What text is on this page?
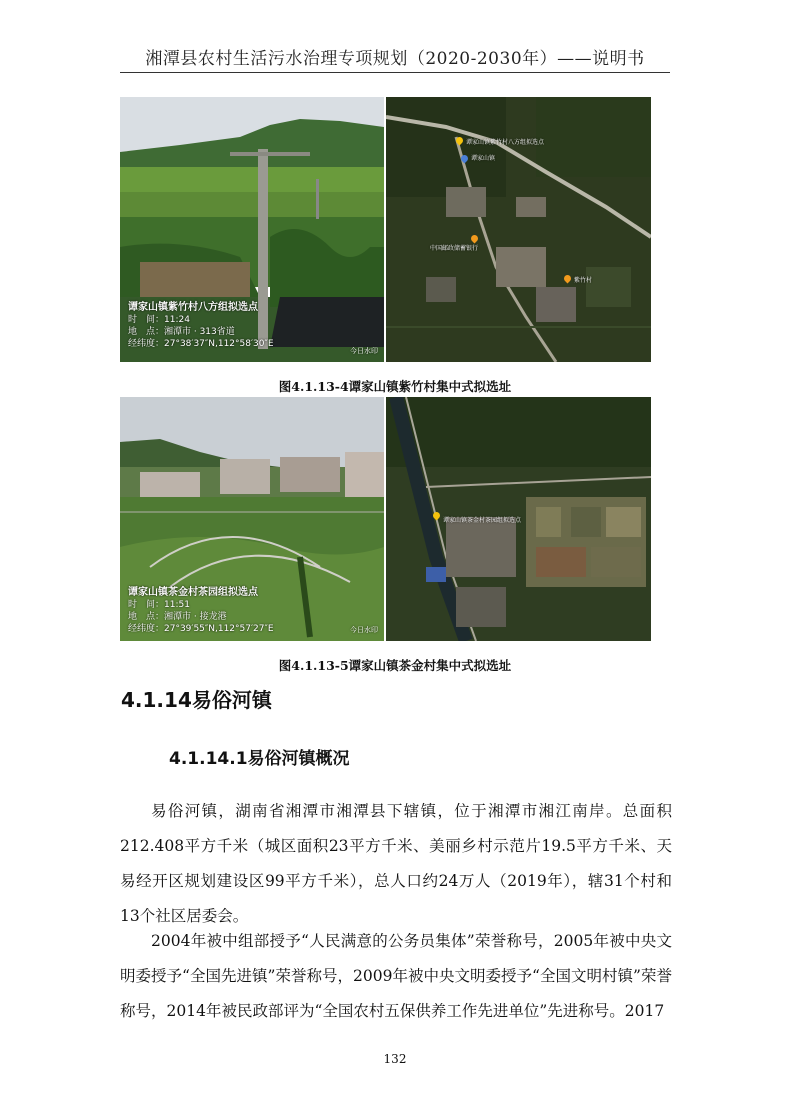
湘潭县农村生活污水治理专项规划（2020-2030年）——说明书
谭家山镇紫竹村八方组拟选点
时　间：11:24
地　点：湘潭市 · 313省道
经纬度：27°38′37″N,112°58′30″E
今日水印
谭家山镇紫竹村八方组拟选点
谭家山镇
中国邮政储蓄银行
紫竹村
图4.1.13-4谭家山镇紫竹村集中式拟选址
谭家山镇茶金村茶园组拟选点
时　间：11:51
地　点：湘潭市 · 接龙港
经纬度：27°39′55″N,112°57′27″E	今日水印
谭家山镇茶金村茶园组拟选点
图4.1.13-5谭家山镇茶金村集中式拟选址
4.1.14易俗河镇
4.1.14.1易俗河镇概况
易俗河镇，湖南省湘潭市湘潭县下辖镇，位于湘潭市湘江南岸。总面积212.408平方千米（城区面积23平方千米、美丽乡村示范片19.5平方千米、天易经开区规划建设区99平方千米），总人口约24万人（2019年），辖31个村和13个社区居委会。
2004年被中组部授予“人民满意的公务员集体”荣誉称号，2005年被中央文明委授予“全国先进镇”荣誉称号，2009年被中央文明委授予“全国文明村镇”荣誉称号，2014年被民政部评为“全国农村五保供养工作先进单位”先进称号。2017
132
